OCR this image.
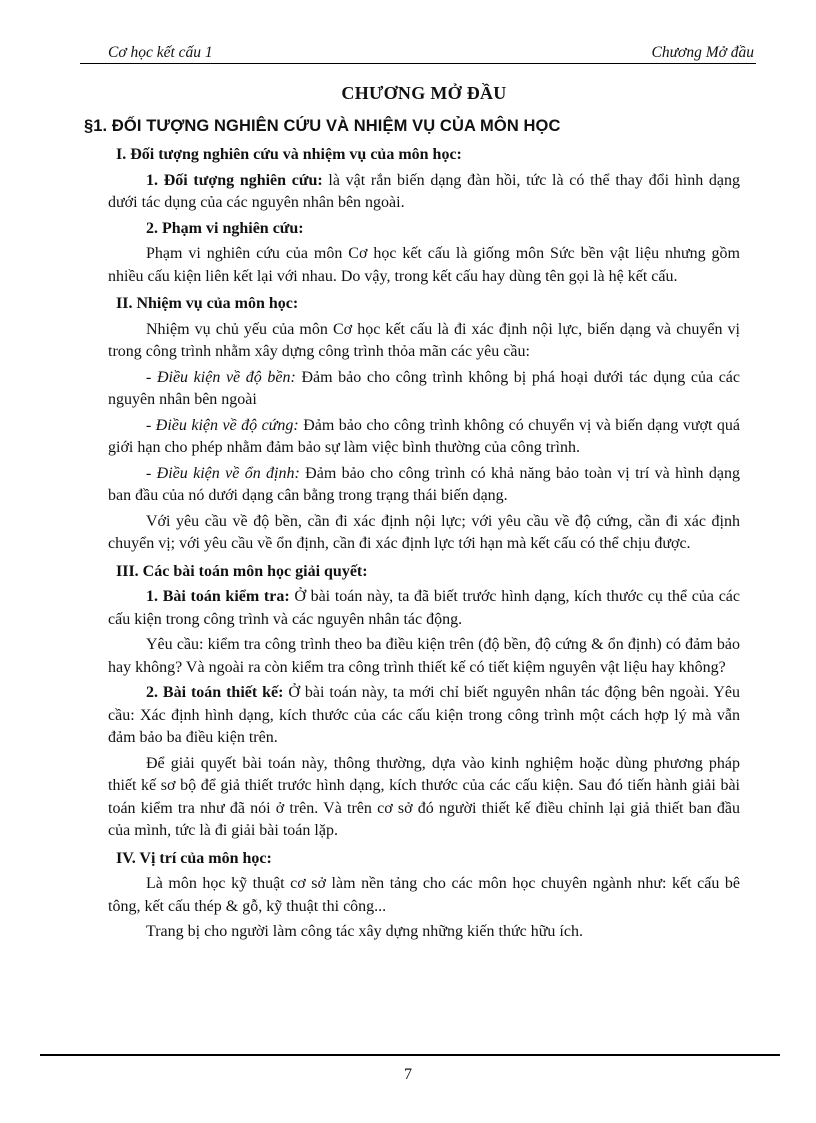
Cơ học kết cấu 1	Chương Mở đầu
CHƯƠNG MỞ ĐẦU
§1. ĐỐI TƯỢNG NGHIÊN CỨU VÀ NHIỆM VỤ CỦA MÔN HỌC
I. Đối tượng nghiên cứu và nhiệm vụ của môn học:

1. Đối tượng nghiên cứu: là vật rắn biến dạng đàn hồi, tức là có thể thay đổi hình dạng dưới tác dụng của các nguyên nhân bên ngoài.

2. Phạm vi nghiên cứu:

Phạm vi nghiên cứu của môn Cơ học kết cấu là giống môn Sức bền vật liệu nhưng gồm nhiều cấu kiện liên kết lại với nhau. Do vậy, trong kết cấu hay dùng tên gọi là hệ kết cấu.

II. Nhiệm vụ của môn học:

Nhiệm vụ chủ yếu của môn Cơ học kết cấu là đi xác định nội lực, biến dạng và chuyển vị trong công trình nhằm xây dựng công trình thỏa mãn các yêu cầu:

- Điều kiện về độ bền: Đảm bảo cho công trình không bị phá hoại dưới tác dụng của các nguyên nhân bên ngoài

- Điều kiện về độ cứng: Đảm bảo cho công trình không có chuyển vị và biến dạng vượt quá giới hạn cho phép nhằm đảm bảo sự làm việc bình thường của công trình.

- Điều kiện về ổn định: Đảm bảo cho công trình có khả năng bảo toàn vị trí và hình dạng ban đầu của nó dưới dạng cân bằng trong trạng thái biến dạng.

Với yêu cầu về độ bền, cần đi xác định nội lực; với yêu cầu về độ cứng, cần đi xác định chuyển vị; với yêu cầu về ổn định, cần đi xác định lực tới hạn mà kết cấu có thể chịu được.

III. Các bài toán môn học giải quyết:

1. Bài toán kiểm tra: Ở bài toán này, ta đã biết trước hình dạng, kích thước cụ thể của các cấu kiện trong công trình và các nguyên nhân tác động.

Yêu cầu: kiểm tra công trình theo ba điều kiện trên (độ bền, độ cứng & ổn định) có đảm bảo hay không? Và ngoài ra còn kiểm tra công trình thiết kế có tiết kiệm nguyên vật liệu hay không?

2. Bài toán thiết kế: Ở bài toán này, ta mới chỉ biết nguyên nhân tác động bên ngoài. Yêu cầu: Xác định hình dạng, kích thước của các cấu kiện trong công trình một cách hợp lý mà vẫn đảm bảo ba điều kiện trên.

Để giải quyết bài toán này, thông thường, dựa vào kinh nghiệm hoặc dùng phương pháp thiết kế sơ bộ để giả thiết trước hình dạng, kích thước của các cấu kiện. Sau đó tiến hành giải bài toán kiểm tra như đã nói ở trên. Và trên cơ sở đó người thiết kế điều chỉnh lại giả thiết ban đầu của mình, tức là đi giải bài toán lặp.

IV. Vị trí của môn học:

Là môn học kỹ thuật cơ sở làm nền tảng cho các môn học chuyên ngành như: kết cấu bê tông, kết cấu thép & gỗ, kỹ thuật thi công...

Trang bị cho người làm công tác xây dựng những kiến thức hữu ích.

7
